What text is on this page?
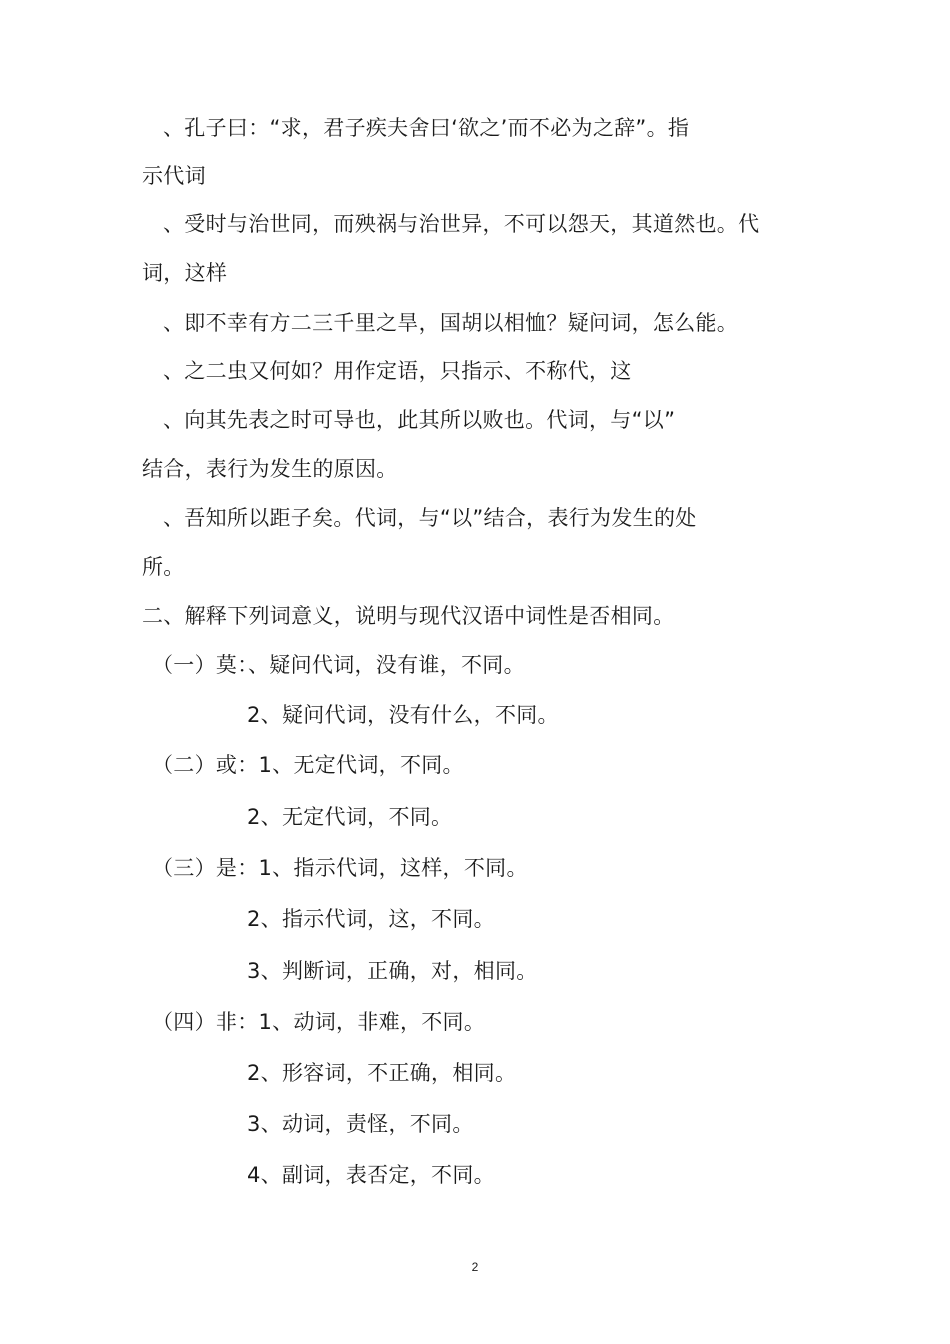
、孔子曰：“求，君子疾夫舍曰‘欲之’而不必为之辞”。指
示代词
、受时与治世同，而殃祸与治世异，不可以怨天，其道然也。代
词，这样
、即不幸有方二三千里之旱，国胡以相恤？疑问词，怎么能。
、之二虫又何如？用作定语，只指示、不称代，这
、向其先表之时可导也，此其所以败也。代词，与“以”
结合，表行为发生的原因。
、吾知所以距子矣。代词，与“以”结合，表行为发生的处
所。
二、解释下列词意义，说明与现代汉语中词性是否相同。
（一）莫：、疑问代词，没有谁，不同。
2、疑问代词，没有什么，不同。
（二）或：1、无定代词，不同。
2、无定代词，不同。
（三）是：1、指示代词，这样，不同。
2、指示代词，这，不同。
3、判断词，正确，对，相同。
（四）非：1、动词，非难，不同。
2、形容词，不正确，相同。
3、动词，责怪，不同。
4、副词，表否定，不同。
2
